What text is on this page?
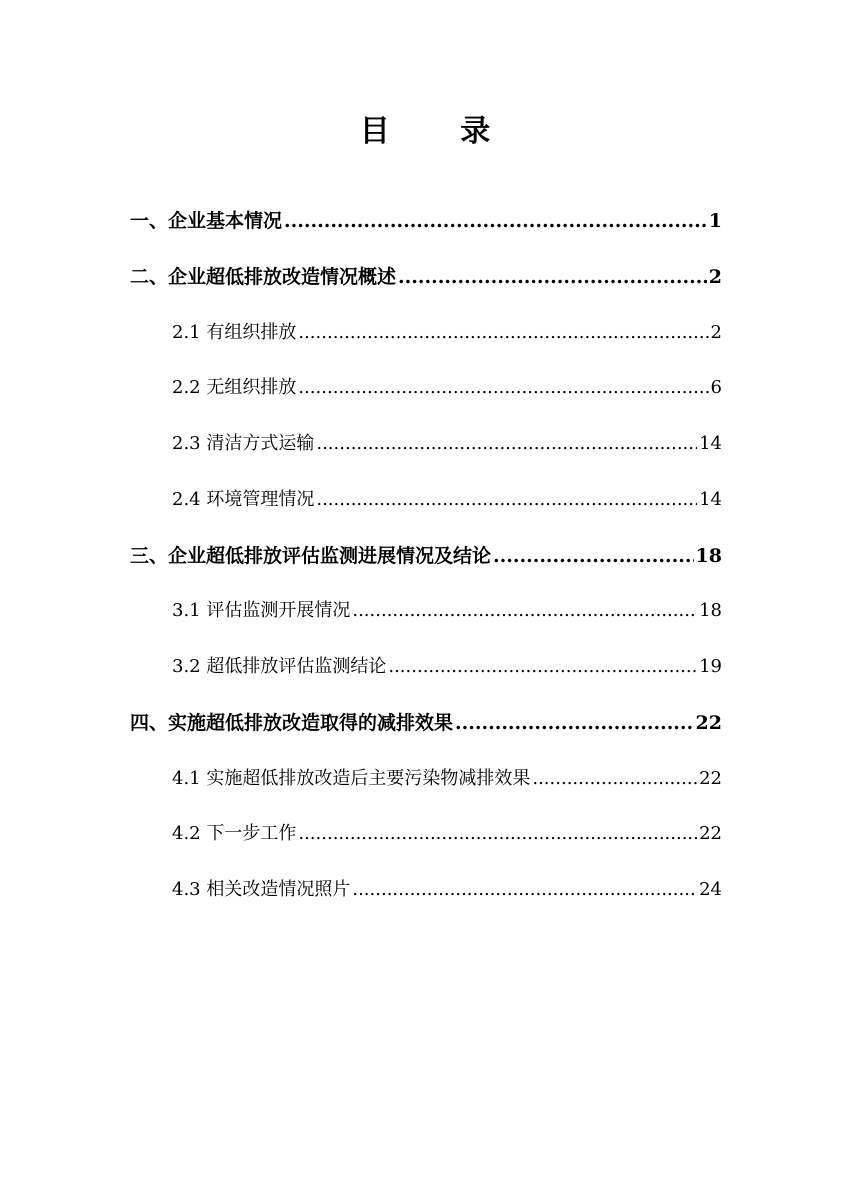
目 录
一、企业基本情况 .....	1
二、企业超低排放改造情况概述 .....	2
2.1 有组织排放 .....	2
2.2 无组织排放 .....	6
2.3 清洁方式运输 .....	14
2.4 环境管理情况 .....	14
三、企业超低排放评估监测进展情况及结论 .....	18
3.1 评估监测开展情况 .....	18
3.2 超低排放评估监测结论 .....	19
四、实施超低排放改造取得的减排效果 .....	22
4.1 实施超低排放改造后主要污染物减排效果 .....	22
4.2 下一步工作 .....	22
4.3 相关改造情况照片 .....	24
